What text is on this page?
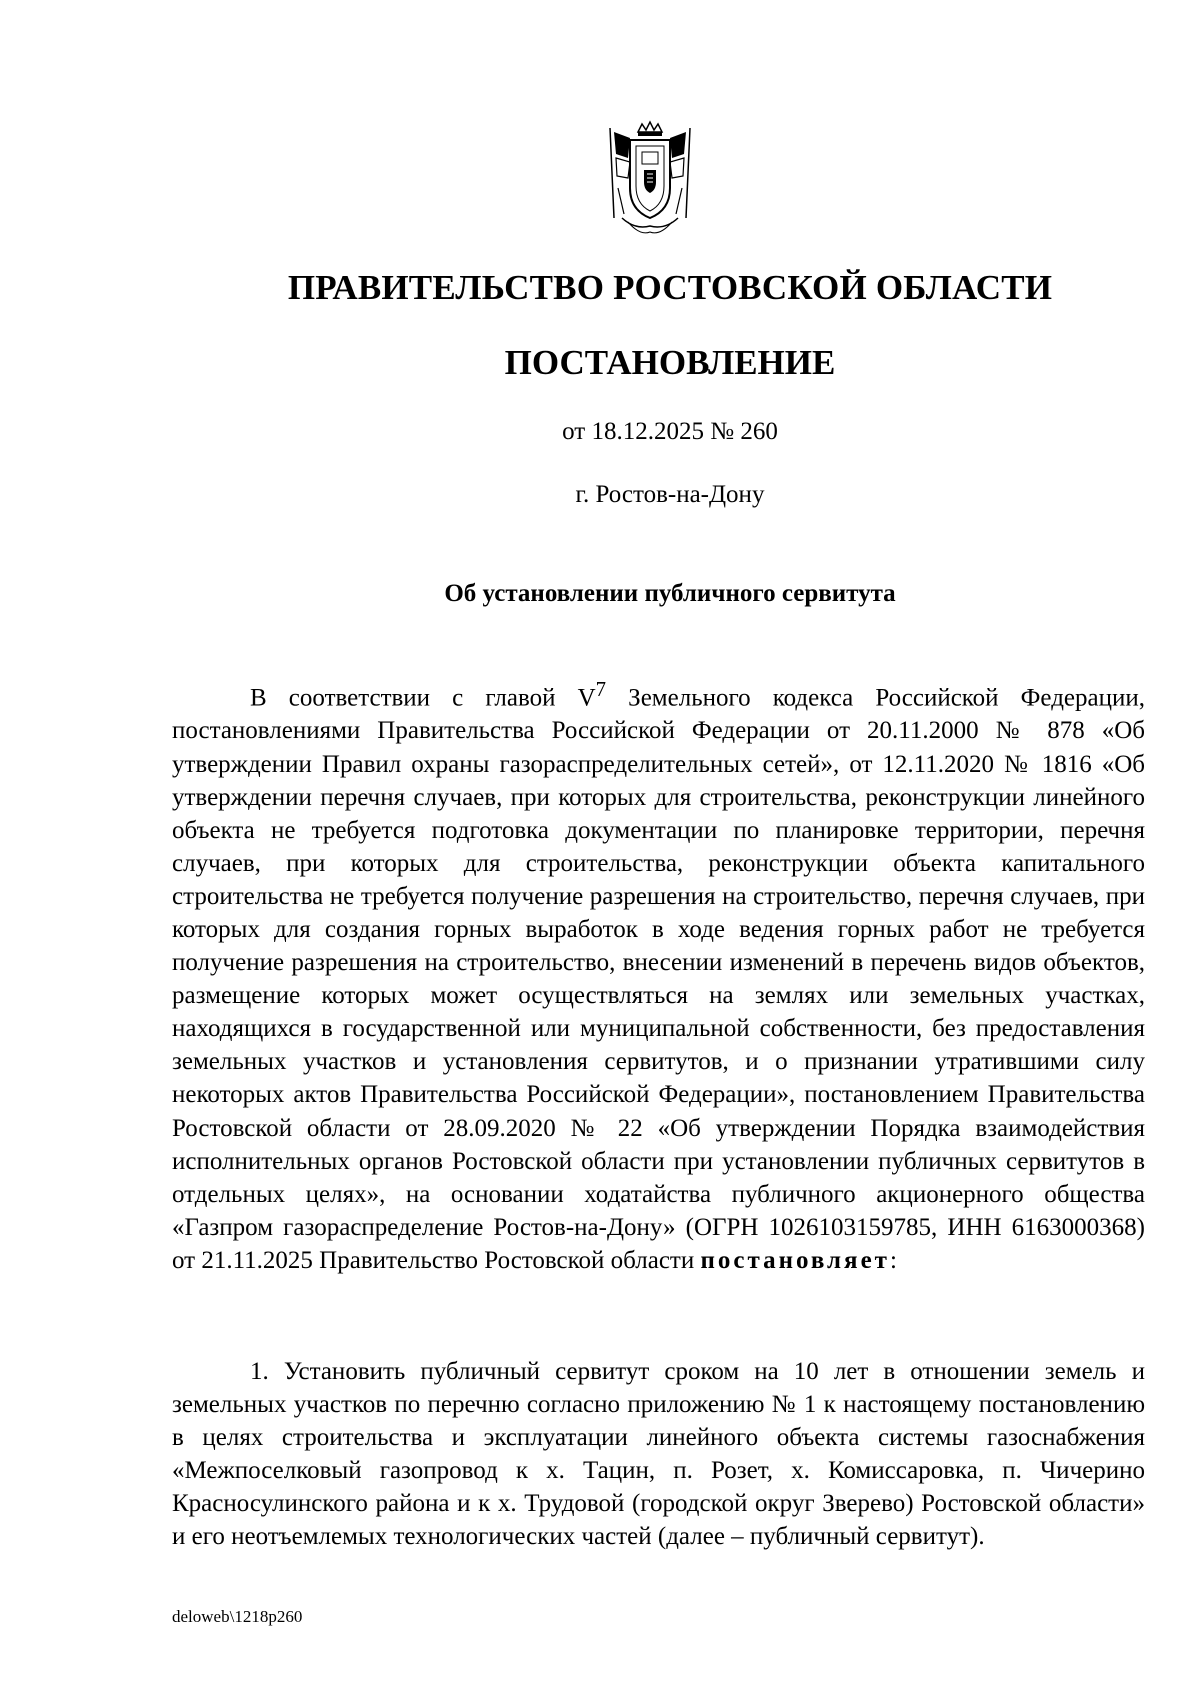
ПРАВИТЕЛЬСТВО РОСТОВСКОЙ ОБЛАСТИ
ПОСТАНОВЛЕНИЕ
от 18.12.2025 № 260
г. Ростов-на-Дону
Об установлении публичного сервитута

В соответствии с главой $V^7$ Земельного кодекса Российской Федерации, постановлениями Правительства Российской Федерации от 20.11.2000 № 878 «Об утверждении Правил охраны газораспределительных сетей», от 12.11.2020 № 1816 «Об утверждении перечня случаев, при которых для строительства, реконструкции линейного объекта не требуется подготовка документации по планировке территории, перечня случаев, при которых для строительства, реконструкции объекта капитального строительства не требуется получение разрешения на строительство, перечня случаев, при которых для создания горных выработок в ходе ведения горных работ не требуется получение разрешения на строительство, внесении изменений в перечень видов объектов, размещение которых может осуществляться на землях или земельных участках, находящихся в государственной или муниципальной собственности, без предоставления земельных участков и установления сервитутов, и о признании утратившими силу некоторых актов Правительства Российской Федерации», постановлением Правительства Ростовской области от 28.09.2020 № 22 «Об утверждении Порядка взаимодействия исполнительных органов Ростовской области при установлении публичных сервитутов в отдельных целях», на основании ходатайства публичного акционерного общества «Газпром газораспределение Ростов-на-Дону» (ОГРН 1026103159785, ИНН 6163000368) от 21.11.2025 Правительство Ростовской области постановляет:

1. Установить публичный сервитут сроком на 10 лет в отношении земель и земельных участков по перечню согласно приложению № 1 к настоящему постановлению в целях строительства и эксплуатации линейного объекта системы газоснабжения «Межпоселковый газопровод к х. Тацин, п. Розет, х. Комиссаровка, п. Чичерино Красносулинского района и к х. Трудовой (городской округ Зверево) Ростовской области» и его неотъемлемых технологических частей (далее – публичный сервитут).

deloweb\1218p260
